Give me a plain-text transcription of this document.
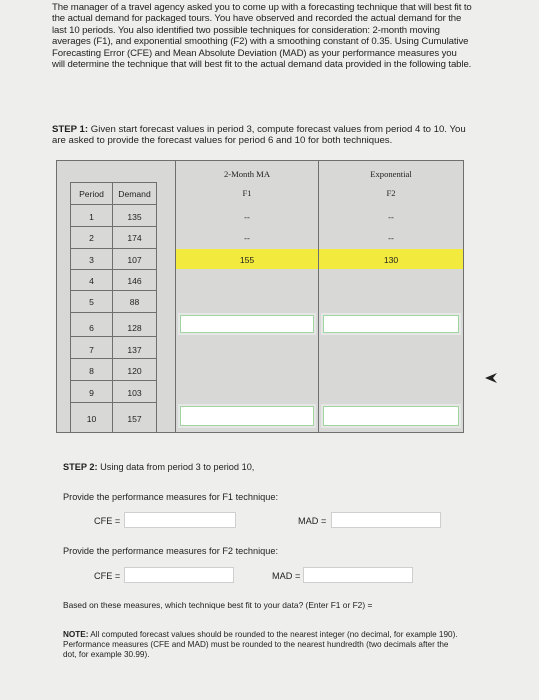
The manager of a travel agency asked you to come up with a forecasting technique that will best fit to the actual demand for packaged tours. You have observed and recorded the actual demand for the last 10 periods. You also identified two possible techniques for consideration: 2-month moving averages (F1), and exponential smoothing (F2) with a smoothing constant of 0.35. Using Cumulative Forecasting Error (CFE) and Mean Absolute Deviation (MAD) as your performance measures you will determine the technique that will best fit to the actual demand data provided in the following table.
STEP 1: Given start forecast values in period 3, compute forecast values from period 4 to 10. You are asked to provide the forecast values for period 6 and 10 for both techniques.
2-Month MA
F1
Exponential
F2
Period	Demand
1	135	--	--
2	174	--	--
3	107	155	130
4	146
5	88
6	128
7	137
8	120
9	103
10	157
STEP 2: Using data from period 3 to period 10,
Provide the performance measures for F1 technique:
CFE =	MAD =
Provide the performance measures for F2 technique:
CFE =	MAD =
Based on these measures, which technique best fit to your data? (Enter F1 or F2) =
NOTE: All computed forecast values should be rounded to the nearest integer (no decimal, for example 190). Performance measures (CFE and MAD) must be rounded to the nearest hundredth (two decimals after the dot, for example 30.99).
